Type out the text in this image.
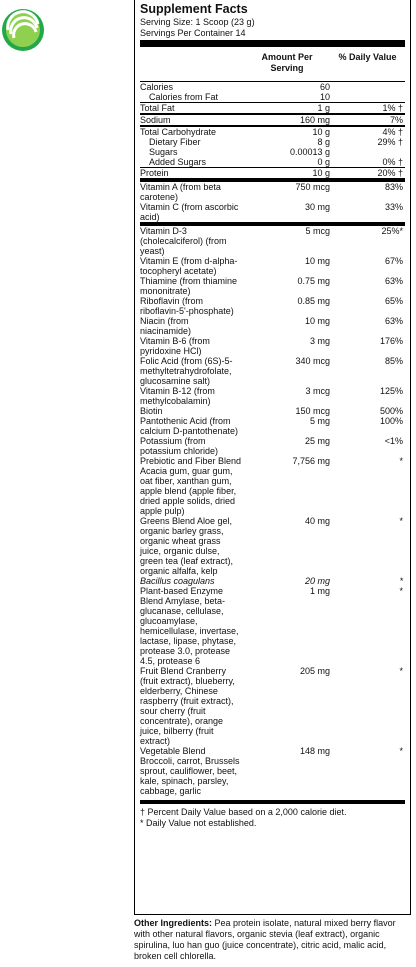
Supplement Facts
Serving Size: 1 Scoop (23 g)
Servings Per Container 14
Amount Per Serving
% Daily Value
Calories	60
Calories from Fat	10
Total Fat	1 g	1% †
Sodium	160 mg	7%
Total Carbohydrate	10 g	4% †
Dietary Fiber	8 g	29% †
Sugars	0.00013 g
Added Sugars	0 g	0% †
Protein	10 g	20% †
Vitamin A (from beta carotene)
750 mcg	83%
Vitamin C (from ascorbic acid)
30 mg	33%
Vitamin D-3 (cholecalciferol) (from yeast)
5 mcg	25%*
Vitamin E (from d-alpha-tocopheryl acetate)
10 mg	67%
Thiamine (from thiamine mononitrate)
0.75 mg	63%
Riboflavin (from riboflavin-5'-phosphate)
0.85 mg	65%
Niacin (from niacinamide)
10 mg	63%
Vitamin B-6 (from pyridoxine HCl)
3 mg	176%
Folic Acid (from (6S)-5-methyltetrahydrofolate, glucosamine salt)
340 mcg	85%
Vitamin B-12 (from methylcobalamin)
3 mcg	125%
Biotin	150 mcg	500%
Pantothenic Acid (from calcium D-pantothenate)
5 mg	100%
Potassium (from potassium chloride)
25 mg	<1%
Prebiotic and Fiber Blend Acacia gum, guar gum, oat fiber, xanthan gum, apple blend (apple fiber, dried apple solids, dried apple pulp)
7,756 mg	*
Greens Blend Aloe gel, organic barley grass, organic wheat grass juice, organic dulse, green tea (leaf extract), organic alfalfa, kelp
40 mg	*
Bacillus coagulans	20 mg	*
Plant-based Enzyme Blend Amylase, beta-glucanase, cellulase, glucoamylase, hemicellulase, invertase, lactase, lipase, phytase, protease 3.0, protease 4.5, protease 6
1 mg	*
Fruit Blend Cranberry (fruit extract), blueberry, elderberry, Chinese raspberry (fruit extract), sour cherry (fruit concentrate), orange juice, bilberry (fruit extract)
205 mg	*
Vegetable Blend Broccoli, carrot, Brussels sprout, cauliflower, beet, kale, spinach, parsley, cabbage, garlic
148 mg	*
† Percent Daily Value based on a 2,000 calorie diet.
* Daily Value not established.
Other Ingredients: Pea protein isolate, natural mixed berry flavor with other natural flavors, organic stevia (leaf extract), organic spirulina, luo han guo (juice concentrate), citric acid, malic acid, broken cell chlorella.
